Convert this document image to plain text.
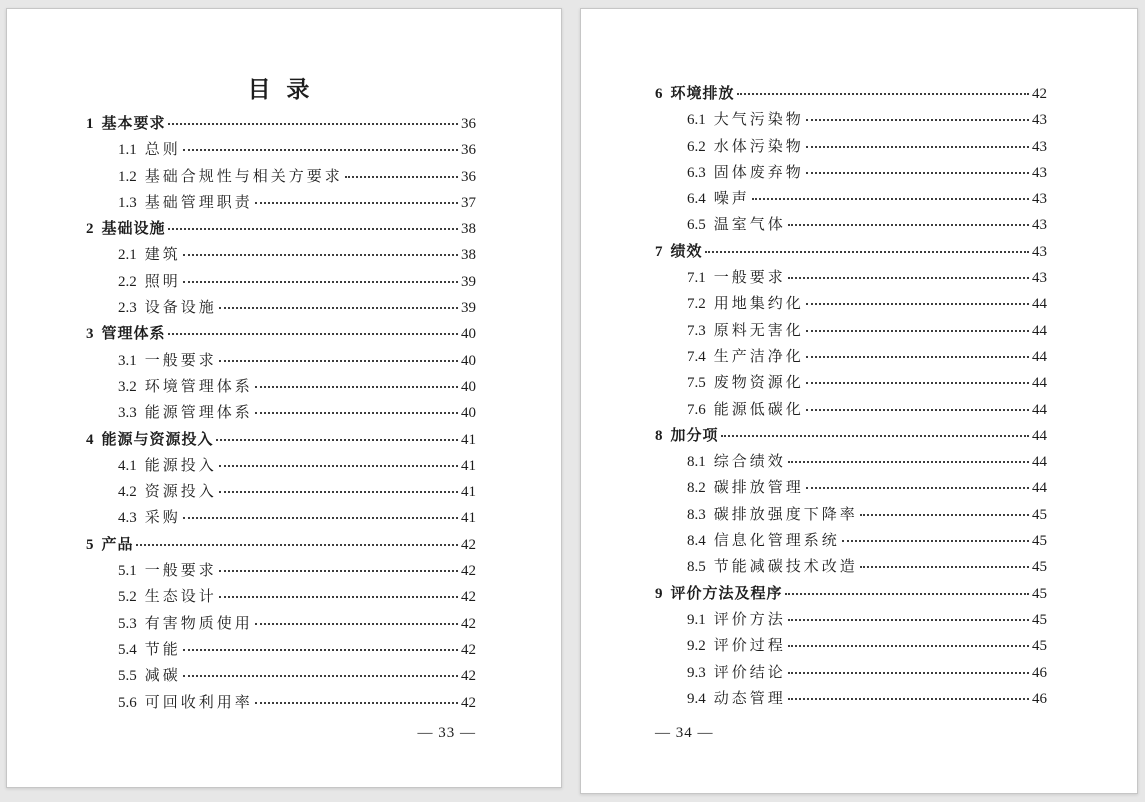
目 录
1 基本要求	36
1.1 总则	36
1.2 基础合规性与相关方要求	36
1.3 基础管理职责	37
2 基础设施	38
2.1 建筑	38
2.2 照明	39
2.3 设备设施	39
3 管理体系	40
3.1 一般要求	40
3.2 环境管理体系	40
3.3 能源管理体系	40
4 能源与资源投入	41
4.1 能源投入	41
4.2 资源投入	41
4.3 采购	41
5 产品	42
5.1 一般要求	42
5.2 生态设计	42
5.3 有害物质使用	42
5.4 节能	42
5.5 减碳	42
5.6 可回收利用率	42
— 33 —
6 环境排放	42
6.1 大气污染物	43
6.2 水体污染物	43
6.3 固体废弃物	43
6.4 噪声	43
6.5 温室气体	43
7 绩效	43
7.1 一般要求	43
7.2 用地集约化	44
7.3 原料无害化	44
7.4 生产洁净化	44
7.5 废物资源化	44
7.6 能源低碳化	44
8 加分项	44
8.1 综合绩效	44
8.2 碳排放管理	44
8.3 碳排放强度下降率	45
8.4 信息化管理系统	45
8.5 节能减碳技术改造	45
9 评价方法及程序	45
9.1 评价方法	45
9.2 评价过程	45
9.3 评价结论	46
9.4 动态管理	46
— 34 —
